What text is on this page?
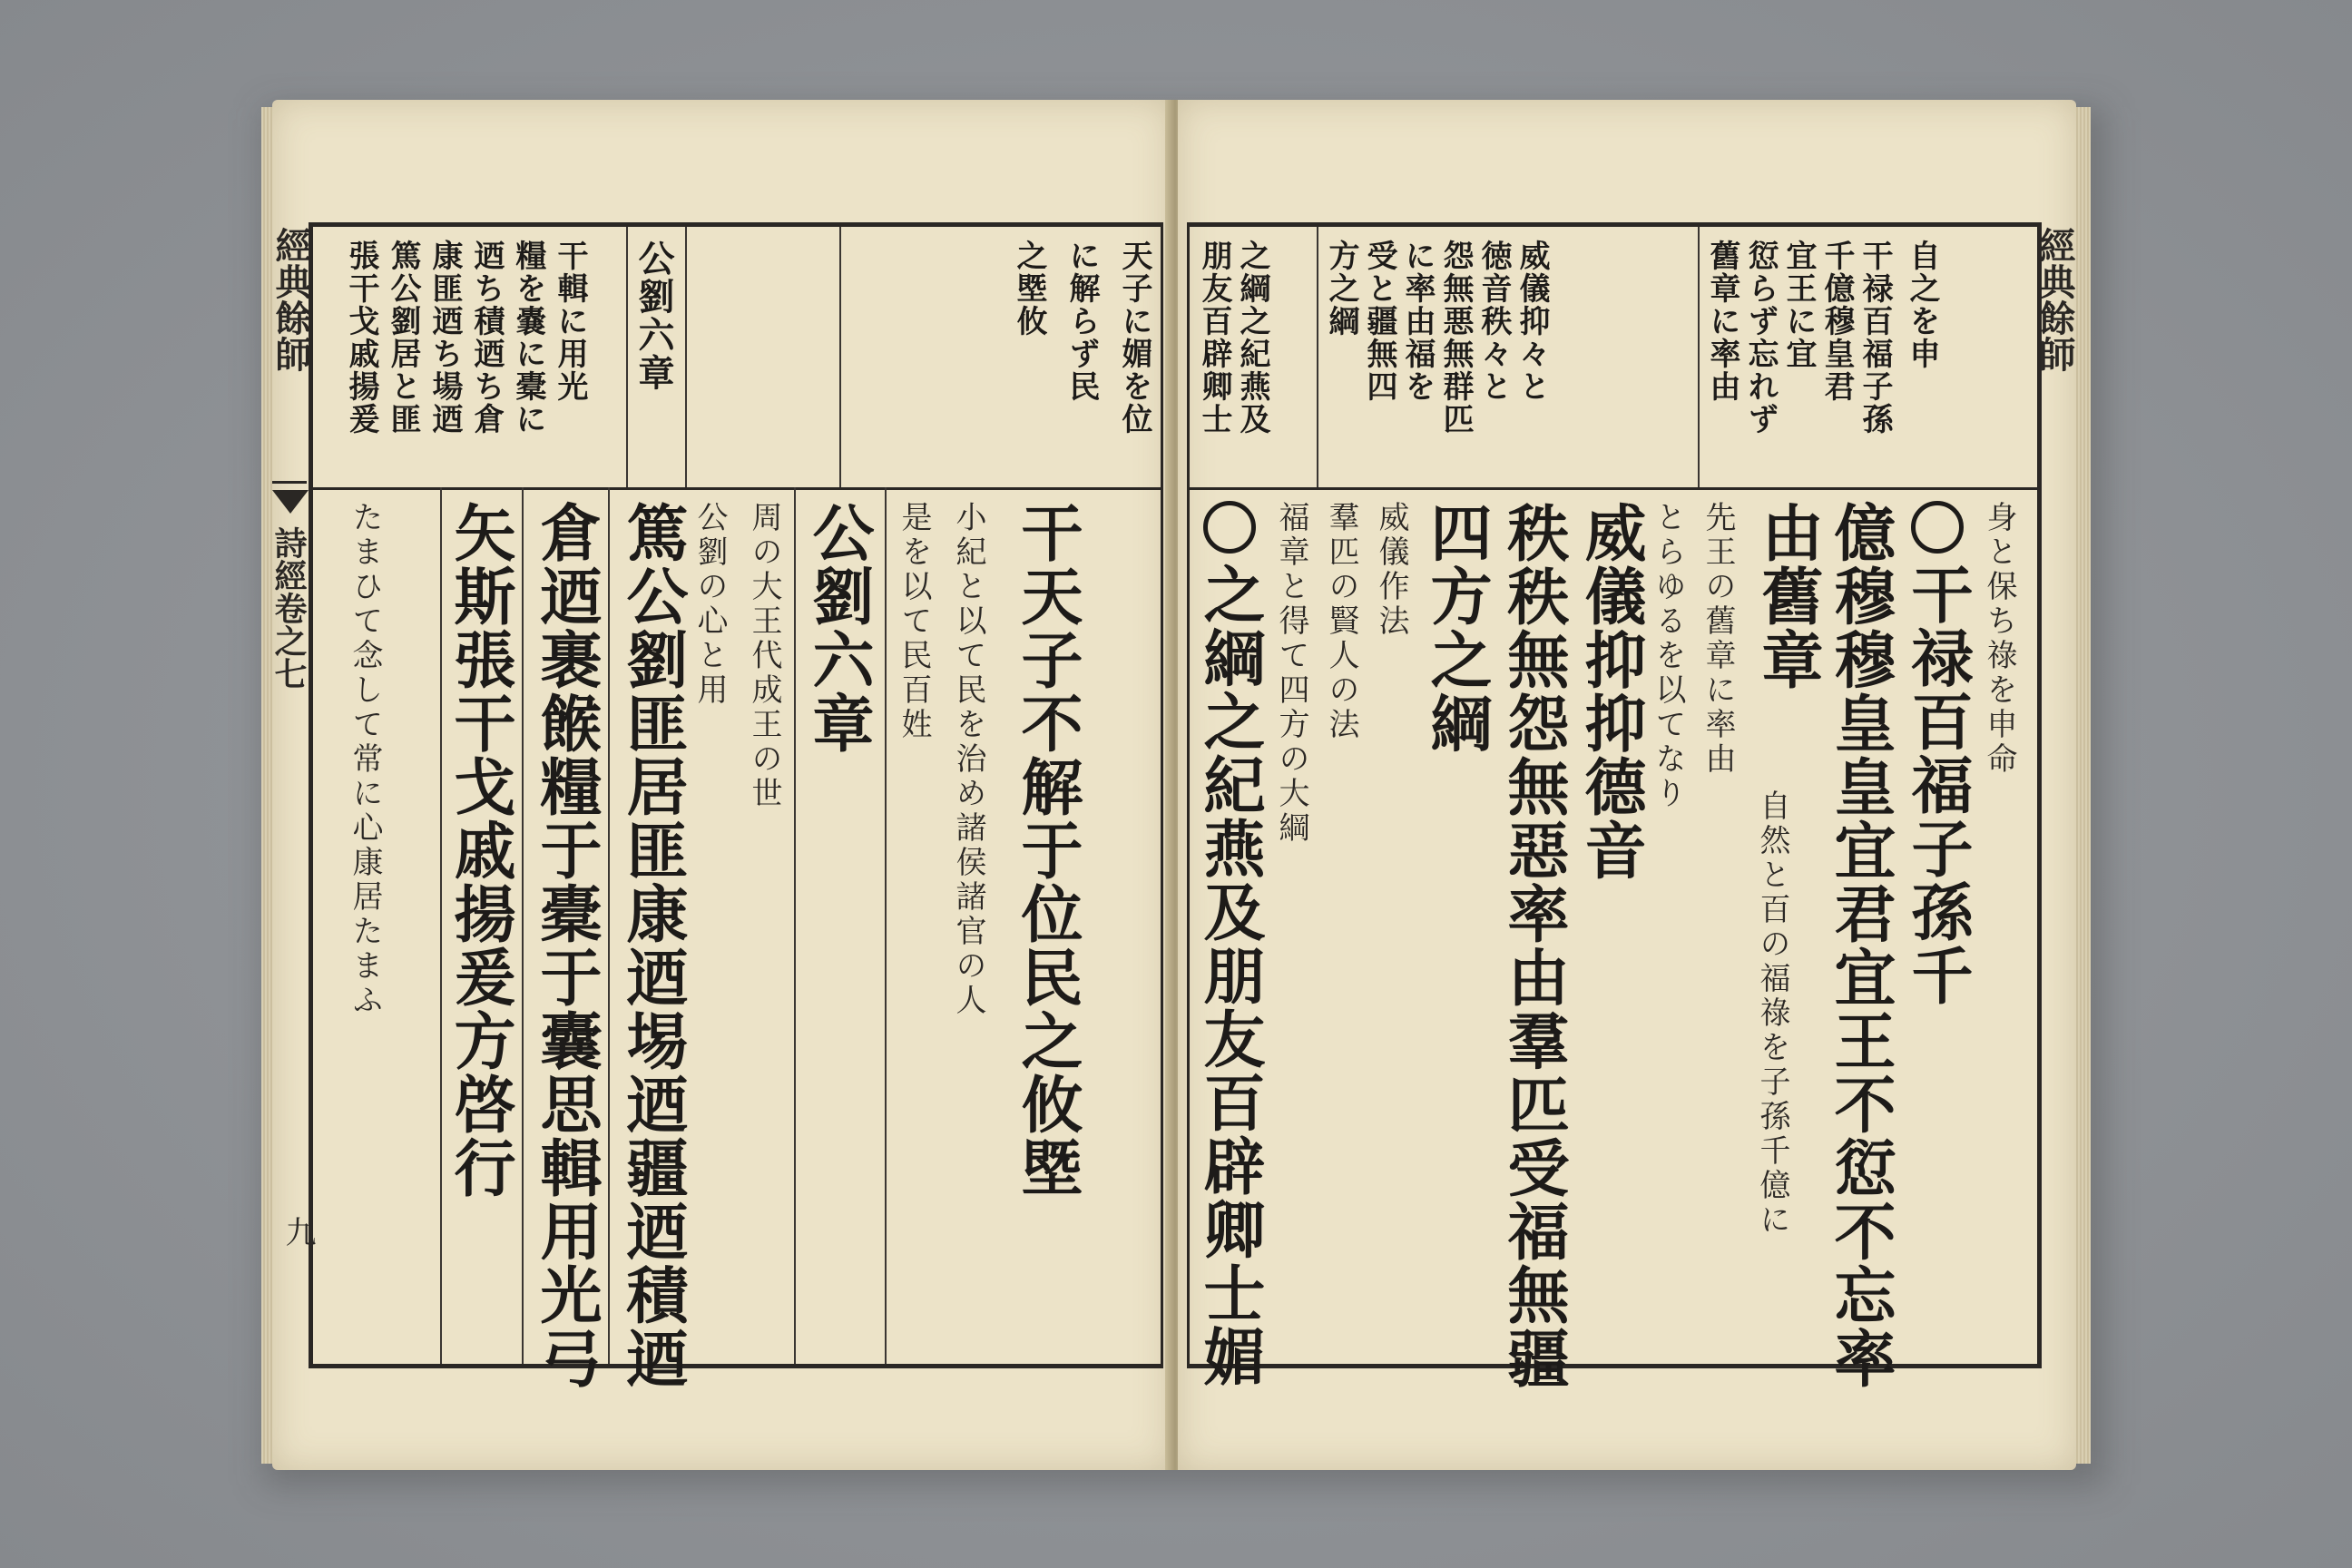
經典餘師
詩經卷之七
九
張干戈戚揚爰 篤公劉居と匪 康匪迺ち場迺 迺ち積迺ち倉 糧を嚢に橐に 干輯に用光 公劉六章	之塈攸 に解らず民 天子に媚を位
たまひて念して常に心康居たまふ 矢斯張干戈戚揚爰方啓行 倉迺裹餱糧于橐于囊思輯用光弓 篤公劉匪居匪康迺埸迺疆迺積迺 公劉の心と用 周の大王代成王の世 公劉六章 是を以て民百姓 小紀と以て民を治め諸侯諸官の人 干天子不解于位民之攸塈
經典餘師
朋友百辟卿士 之綱之紀燕及 方之綱 受と疆無四 に率由福を 怨無悪無群匹 徳音秩々と 威儀抑々と	舊章に率由 愆らず忘れず 宜王に宜 千億穆皇君 干禄百福子孫 自之を申
之綱之紀燕及朋友百辟卿士媚 福章と得て四方の大綱 羣匹の賢人の法 威儀作法 四方之綱 秩秩無怨無惡率由羣匹受福無疆 威儀抑抑德音 とらゆるを以てなり 先王の舊章に率由 由舊章
自然と百の福祿を子孫千億に 億穆穆皇皇宜君宜王不愆不忘率 干禄百福子孫千 身と保ち祿を申命
